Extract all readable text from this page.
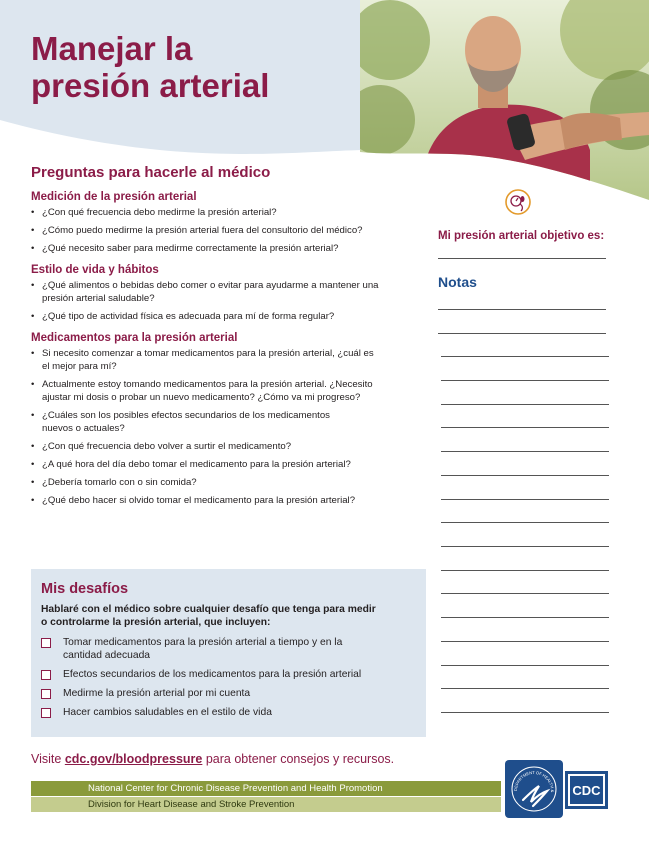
Manejar la
presión arterial
Preguntas para hacerle al médico
Medición de la presión arterial
• ¿Con qué frecuencia debo medirme la presión arterial?
• ¿Cómo puedo medirme la presión arterial fuera del consultorio del médico?
• ¿Qué necesito saber para medirme correctamente la presión arterial?
Estilo de vida y hábitos
• ¿Qué alimentos o bebidas debo comer o evitar para ayudarme a mantener una presión arterial saludable?
• ¿Qué tipo de actividad física es adecuada para mí de forma regular?
Medicamentos para la presión arterial
• Si necesito comenzar a tomar medicamentos para la presión arterial, ¿cuál es el mejor para mí?
• Actualmente estoy tomando medicamentos para la presión arterial. ¿Necesito ajustar mi dosis o probar un nuevo medicamento? ¿Cómo va mi progreso?
• ¿Cuáles son los posibles efectos secundarios de los medicamentos nuevos o actuales?
• ¿Con qué frecuencia debo volver a surtir el medicamento?
• ¿A qué hora del día debo tomar el medicamento para la presión arterial?
• ¿Debería tomarlo con o sin comida?
• ¿Qué debo hacer si olvido tomar el medicamento para la presión arterial?
Mi presión arterial objetivo es:
Notas
Mis desafíos
Hablaré con el médico sobre cualquier desafío que tenga para medir o controlarme la presión arterial, que incluyen:
Tomar medicamentos para la presión arterial a tiempo y en la cantidad adecuada
Efectos secundarios de los medicamentos para la presión arterial
Medirme la presión arterial por mi cuenta
Hacer cambios saludables en el estilo de vida
Visite cdc.gov/bloodpressure para obtener consejos y recursos.
National Center for Chronic Disease Prevention and Health Promotion
Division for Heart Disease and Stroke Prevention
DEPARTMENT OF HEALTH & CDC
